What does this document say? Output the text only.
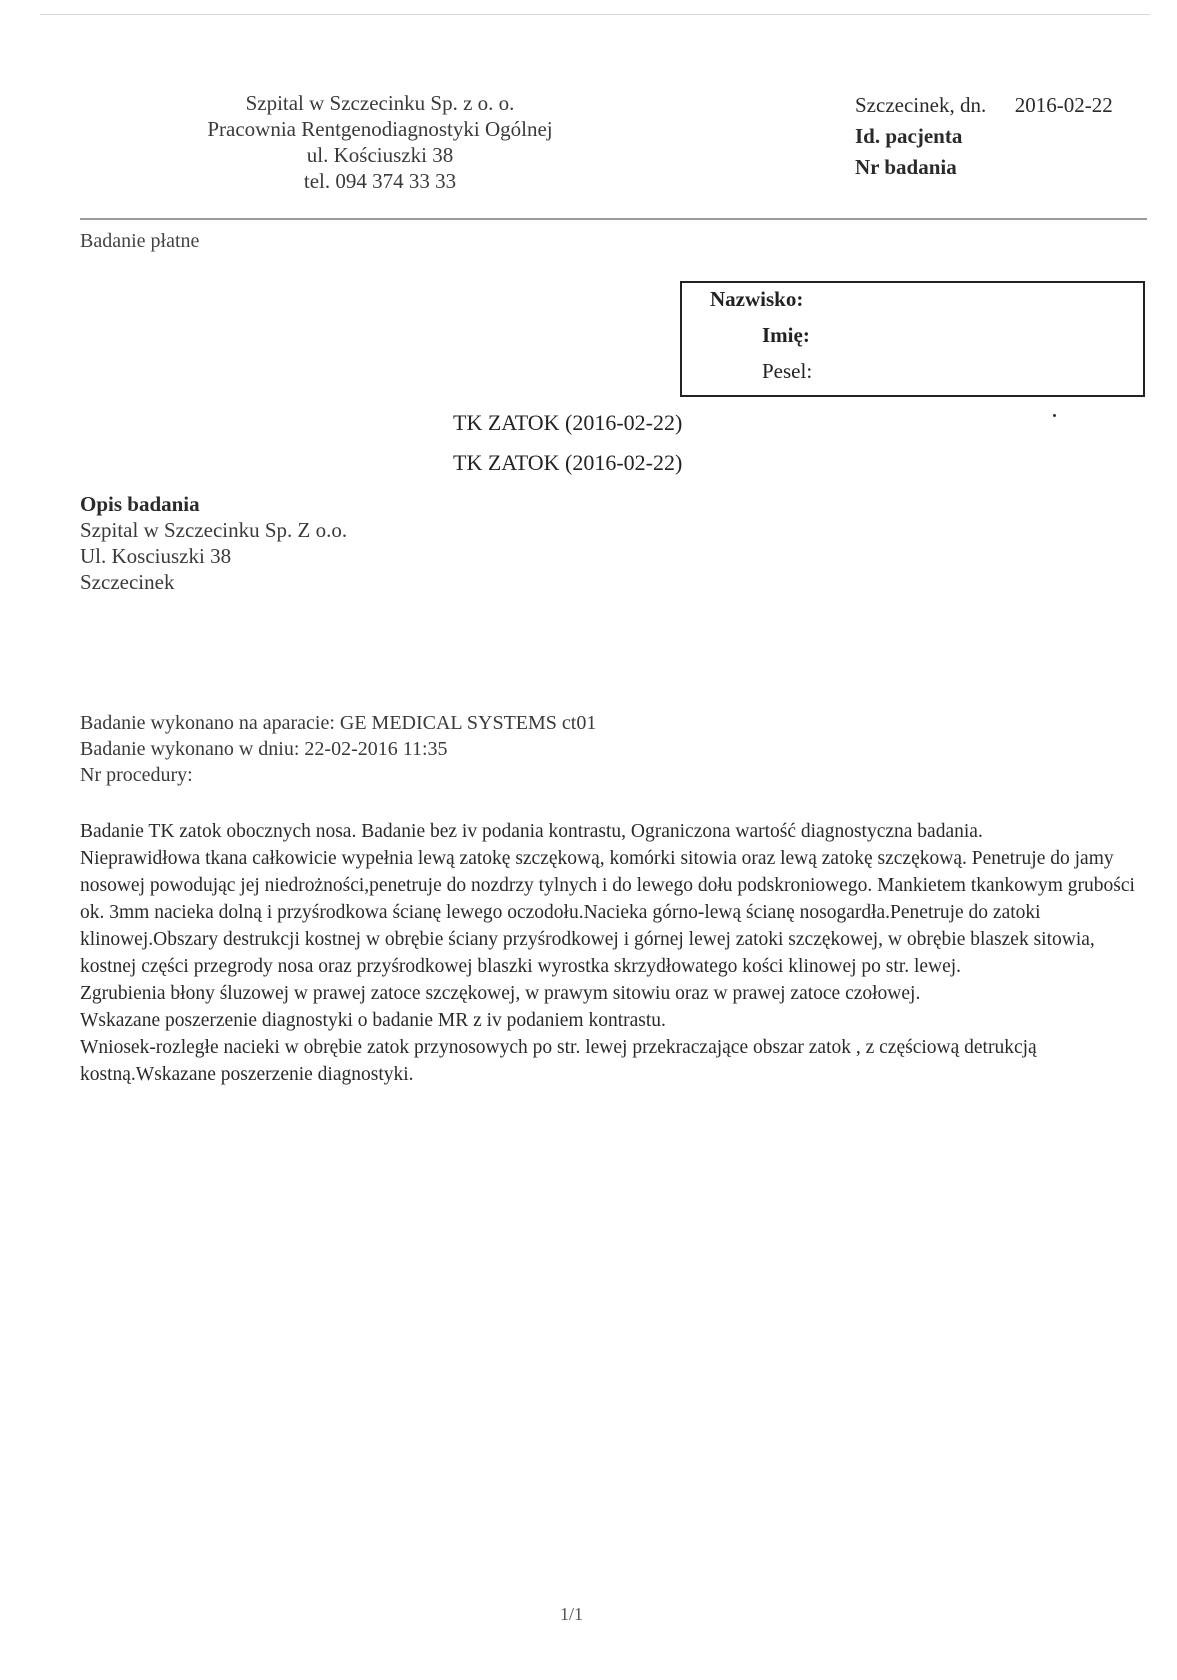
Szpital w Szczecinku Sp. z o. o.
Pracownia Rentgenodiagnostyki Ogólnej
ul. Kościuszki 38
tel. 094 374 33 33
Szczecinek, dn. 2016-02-22
Id. pacjenta
Nr badania
Badanie płatne
Nazwisko:
Imię:
Pesel:
TK ZATOK (2016-02-22)
TK ZATOK (2016-02-22)
Opis badania
Szpital w Szczecinku Sp. Z o.o.
Ul. Kosciuszki 38
Szczecinek
Badanie wykonano na aparacie: GE MEDICAL SYSTEMS ct01
Badanie wykonano w dniu: 22-02-2016 11:35
Nr procedury:

Badanie TK zatok obocznych nosa. Badanie bez iv podania kontrastu, Ograniczona wartość diagnostyczna badania.

Nieprawidłowa tkana całkowicie wypełnia lewą zatokę szczękową, komórki sitowia oraz lewą zatokę szczękową. Penetruje do jamy nosowej powodując jej niedrożności,penetruje do nozdrzy tylnych i do lewego dołu podskroniowego. Mankietem tkankowym grubości ok. 3mm nacieka dolną i przyśrodkowa ścianę lewego oczodołu.Nacieka górno-lewą ścianę nosogardła.Penetruje do zatoki klinowej.Obszary destrukcji kostnej w obrębie ściany przyśrodkowej i górnej lewej zatoki szczękowej, w obrębie blaszek sitowia, kostnej części przegrody nosa oraz przyśrodkowej blaszki wyrostka skrzydłowatego kości klinowej po str. lewej.

Zgrubienia błony śluzowej w prawej zatoce szczękowej, w prawym sitowiu oraz w prawej zatoce czołowej.

Wskazane poszerzenie diagnostyki o badanie MR z iv podaniem kontrastu.

Wniosek-rozległe nacieki w obrębie zatok przynosowych po str. lewej przekraczające obszar zatok , z częściową detrukcją kostną.Wskazane poszerzenie diagnostyki.

1/1
